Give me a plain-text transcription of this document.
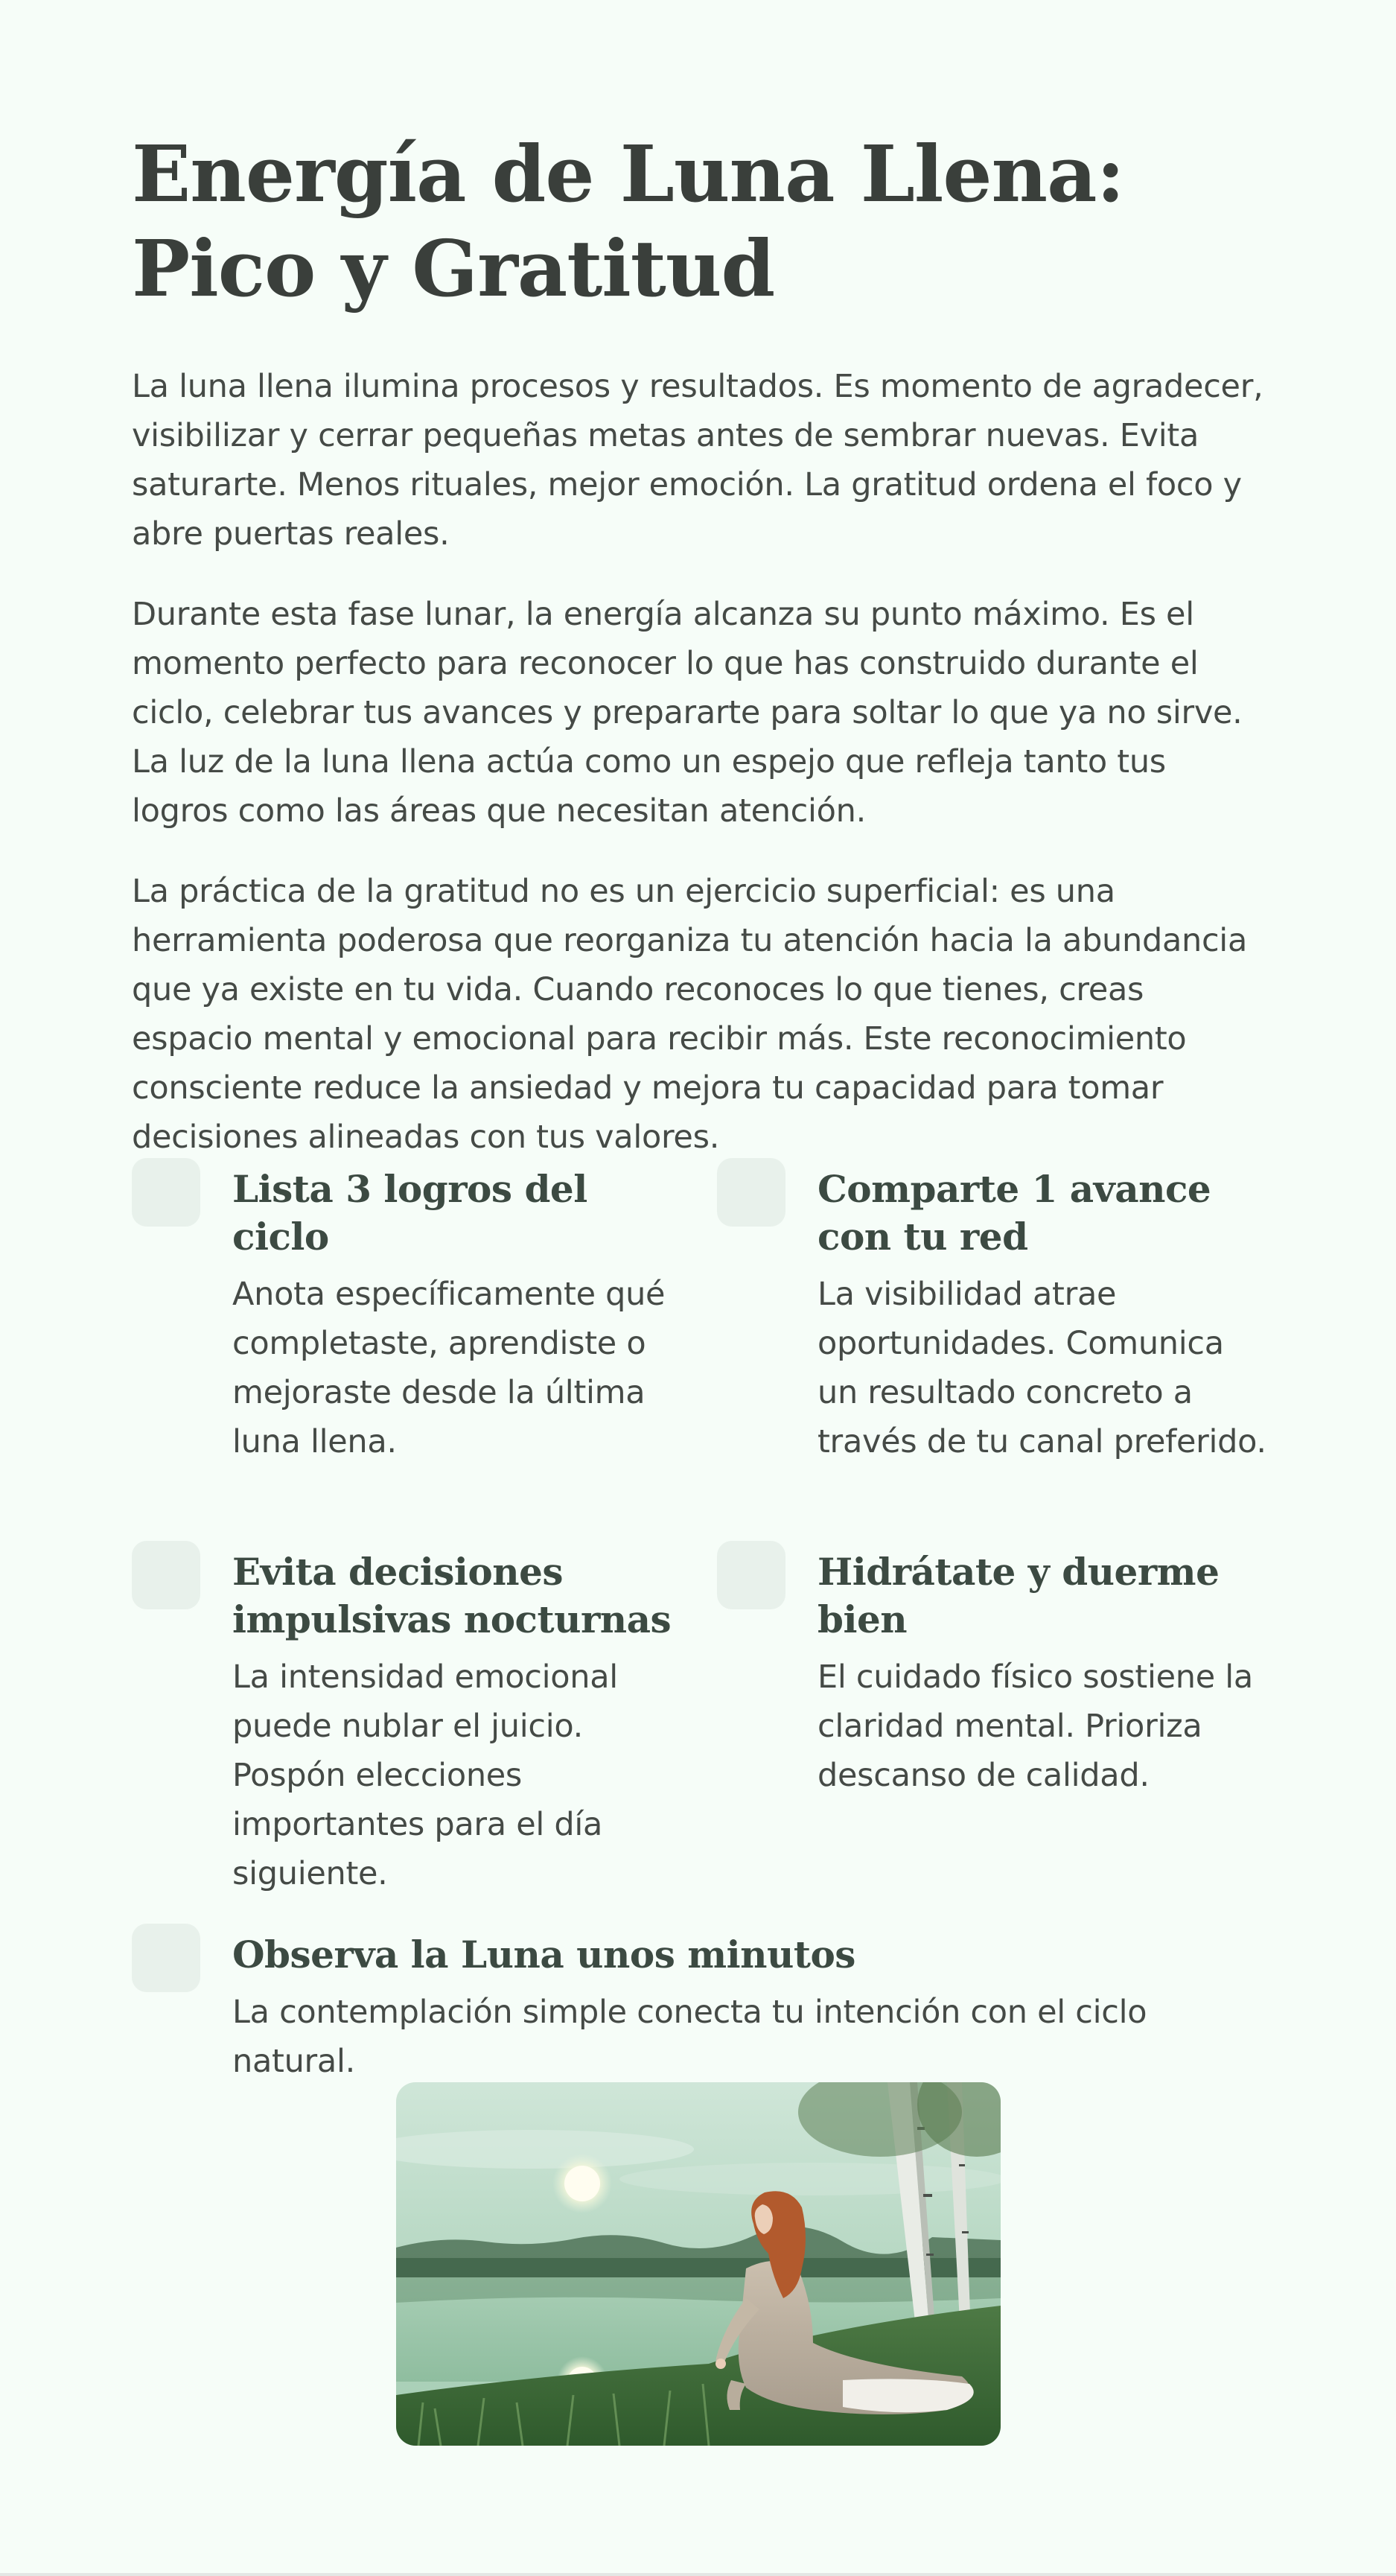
Energía de Luna Llena: Pico y Gratitud

La luna llena ilumina procesos y resultados. Es momento de agradecer, visibilizar y cerrar pequeñas metas antes de sembrar nuevas. Evita saturarte. Menos rituales, mejor emoción. La gratitud ordena el foco y abre puertas reales.

Durante esta fase lunar, la energía alcanza su punto máximo. Es el momento perfecto para reconocer lo que has construido durante el ciclo, celebrar tus avances y prepararte para soltar lo que ya no sirve. La luz de la luna llena actúa como un espejo que refleja tanto tus logros como las áreas que necesitan atención.

La práctica de la gratitud no es un ejercicio superficial: es una herramienta poderosa que reorganiza tu atención hacia la abundancia que ya existe en tu vida. Cuando reconoces lo que tienes, creas espacio mental y emocional para recibir más. Este reconocimiento consciente reduce la ansiedad y mejora tu capacidad para tomar decisiones alineadas con tus valores.

Lista 3 logros del ciclo

Anota específicamente qué completaste, aprendiste o mejoraste desde la última luna llena.

Comparte 1 avance con tu red

La visibilidad atrae oportunidades. Comunica un resultado concreto a través de tu canal preferido.

Evita decisiones impulsivas nocturnas

La intensidad emocional puede nublar el juicio. Pospón elecciones importantes para el día siguiente.

Hidrátate y duerme bien

El cuidado físico sostiene la claridad mental. Prioriza descanso de calidad.

Observa la Luna unos minutos

La contemplación simple conecta tu intención con el ciclo natural.
